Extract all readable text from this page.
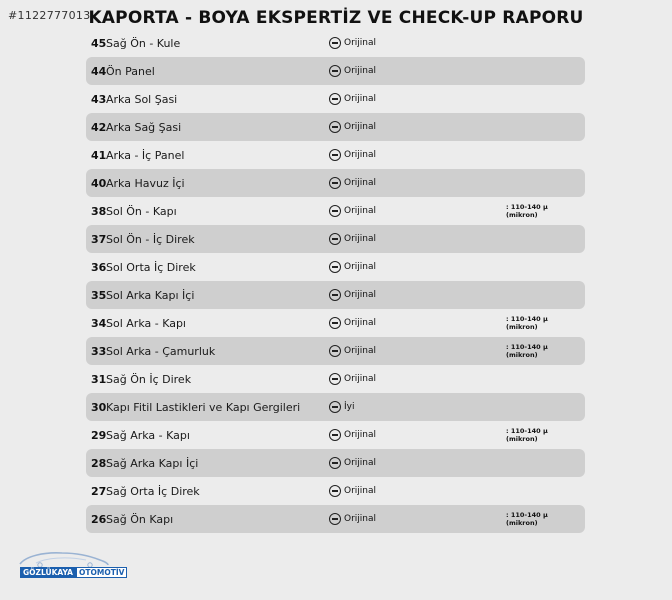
#1122777013
KAPORTA - BOYA EKSPERTİZ VE CHECK-UP RAPORU
45 Sağ Ön - Kule	Orijinal
44 Ön Panel	Orijinal
43 Arka Sol Şasi	Orijinal
42 Arka Sağ Şasi	Orijinal
41 Arka - İç Panel	Orijinal
40 Arka Havuz İçi	Orijinal
38 Sol Ön - Kapı	Orijinal	: 110-140 µ
(mikron)
37 Sol Ön - İç Direk	Orijinal
36 Sol Orta İç Direk	Orijinal
35 Sol Arka Kapı İçi	Orijinal
34 Sol Arka - Kapı	Orijinal	: 110-140 µ
(mikron)
33 Sol Arka - Çamurluk	Orijinal	: 110-140 µ
(mikron)
31 Sağ Ön İç Direk	Orijinal
30 Kapı Fitil Lastikleri ve Kapı Gergileri	İyi
29 Sağ Arka - Kapı	Orijinal	: 110-140 µ
(mikron)
28 Sağ Arka Kapı İçi	Orijinal
27 Sağ Orta İç Direk	Orijinal
26 Sağ Ön Kapı	Orijinal	: 110-140 µ
(mikron)
GÖZLÜKAYA OTOMOTİV
